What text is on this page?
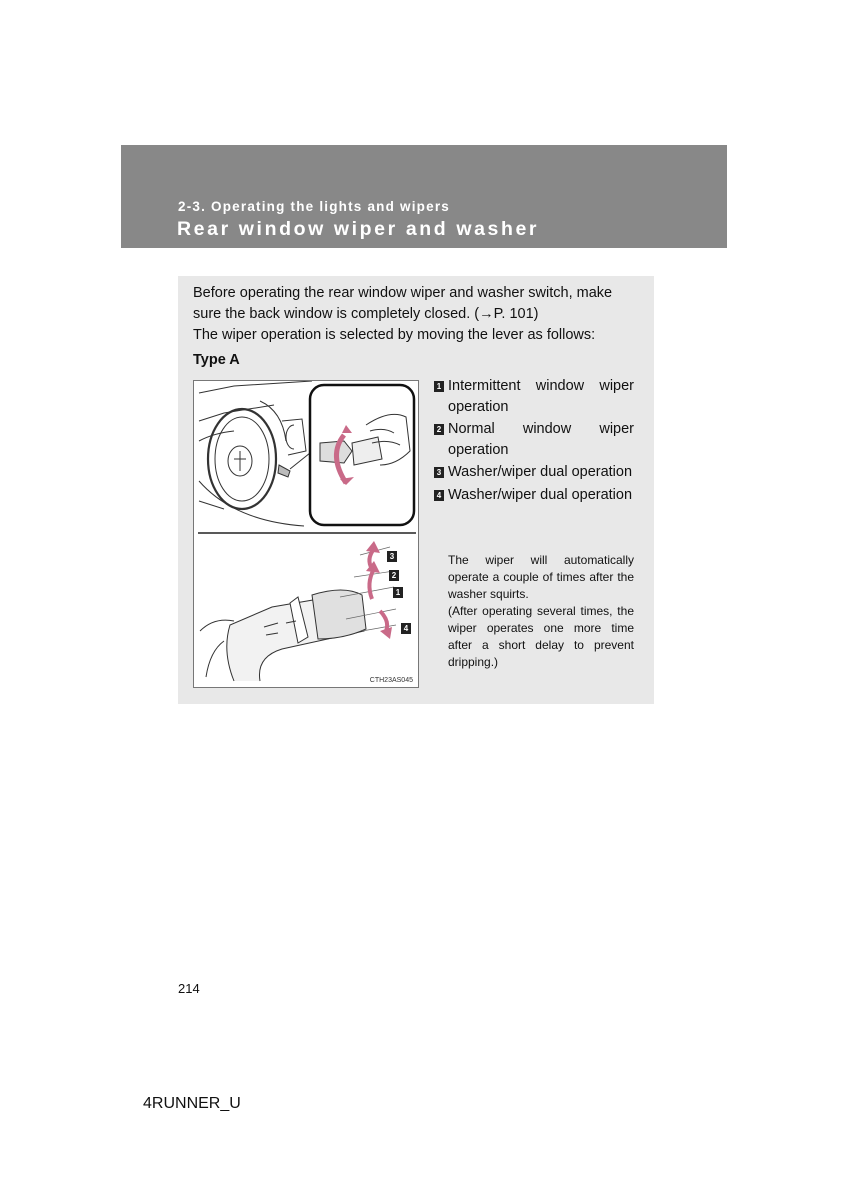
2-3. Operating the lights and wipers
Rear window wiper and washer

Before operating the rear window wiper and washer switch, make sure the back window is completely closed. (→P. 101)

The wiper operation is selected by moving the lever as follows:

Type A
3
2
1
4
CTH23AS045
1 Intermittent window wiper operation
2 Normal window wiper operation
3 Washer/wiper dual operation
4 Washer/wiper dual operation

The wiper will automatically operate a couple of times after the washer squirts.

(After operating several times, the wiper operates one more time after a short delay to prevent dripping.)

214
4RUNNER_U
